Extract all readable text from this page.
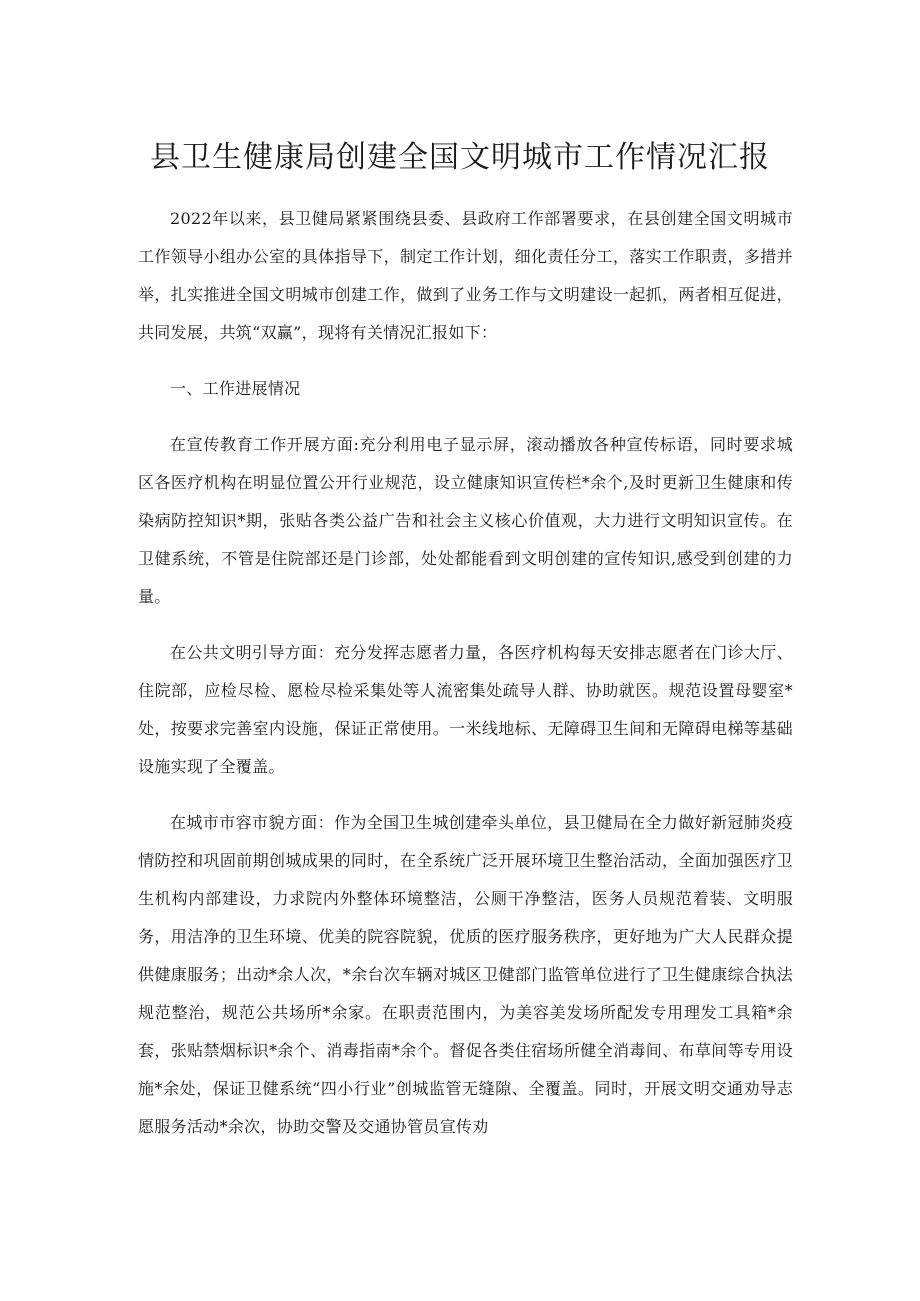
县卫生健康局创建全国文明城市工作情况汇报

2022年以来，县卫健局紧紧围绕县委、县政府工作部署要求，在县创建全国文明城市工作领导小组办公室的具体指导下，制定工作计划，细化责任分工，落实工作职责，多措并举，扎实推进全国文明城市创建工作，做到了业务工作与文明建设一起抓，两者相互促进，共同发展，共筑“双赢”，现将有关情况汇报如下：

一、工作进展情况

在宣传教育工作开展方面:充分利用电子显示屏，滚动播放各种宣传标语，同时要求城区各医疗机构在明显位置公开行业规范，设立健康知识宣传栏*余个,及时更新卫生健康和传染病防控知识*期，张贴各类公益广告和社会主义核心价值观，大力进行文明知识宣传。在卫健系统，不管是住院部还是门诊部，处处都能看到文明创建的宣传知识,感受到创建的力量。

在公共文明引导方面：充分发挥志愿者力量，各医疗机构每天安排志愿者在门诊大厅、住院部，应检尽检、愿检尽检采集处等人流密集处疏导人群、协助就医。规范设置母婴室*处，按要求完善室内设施，保证正常使用。一米线地标、无障碍卫生间和无障碍电梯等基础设施实现了全覆盖。

在城市市容市貌方面：作为全国卫生城创建牵头单位，县卫健局在全力做好新冠肺炎疫情防控和巩固前期创城成果的同时，在全系统广泛开展环境卫生整治活动，全面加强医疗卫生机构内部建设，力求院内外整体环境整洁，公厕干净整洁，医务人员规范着装、文明服务，用洁净的卫生环境、优美的院容院貌，优质的医疗服务秩序，更好地为广大人民群众提供健康服务；出动*余人次，*余台次车辆对城区卫健部门监管单位进行了卫生健康综合执法规范整治，规范公共场所*余家。在职责范围内，为美容美发场所配发专用理发工具箱*余套，张贴禁烟标识*余个、消毒指南*余个。督促各类住宿场所健全消毒间、布草间等专用设施*余处，保证卫健系统“四小行业”创城监管无缝隙、全覆盖。同时，开展文明交通劝导志愿服务活动*余次，协助交警及交通协管员宣传劝
